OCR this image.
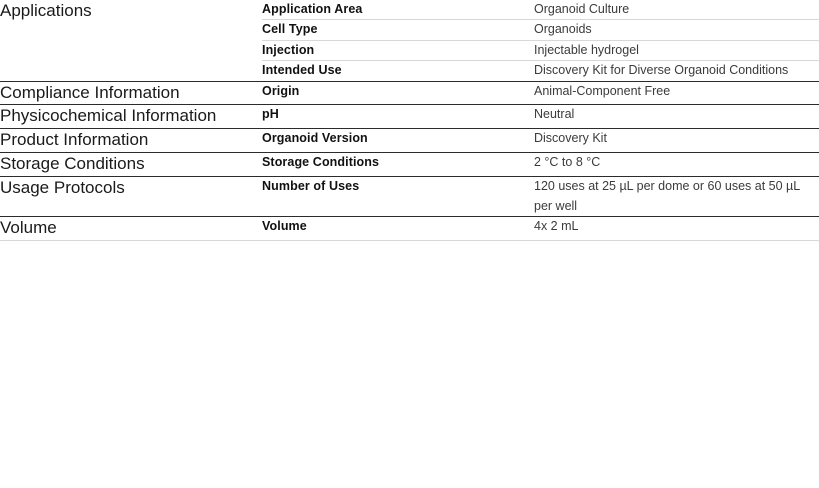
Applications	Application Area	Organoid Culture
	Cell Type	Organoids
	Injection	Injectable hydrogel
	Intended Use	Discovery Kit for Diverse Organoid Conditions
Compliance Information	Origin	Animal-Component Free
Physicochemical Information	pH	Neutral
Product Information	Organoid Version	Discovery Kit
Storage Conditions	Storage Conditions	2 °C to 8 °C
Usage Protocols	Number of Uses	120 uses at 25 µL per dome or 60 uses at 50 µL per well
Volume	Volume	4x 2 mL
